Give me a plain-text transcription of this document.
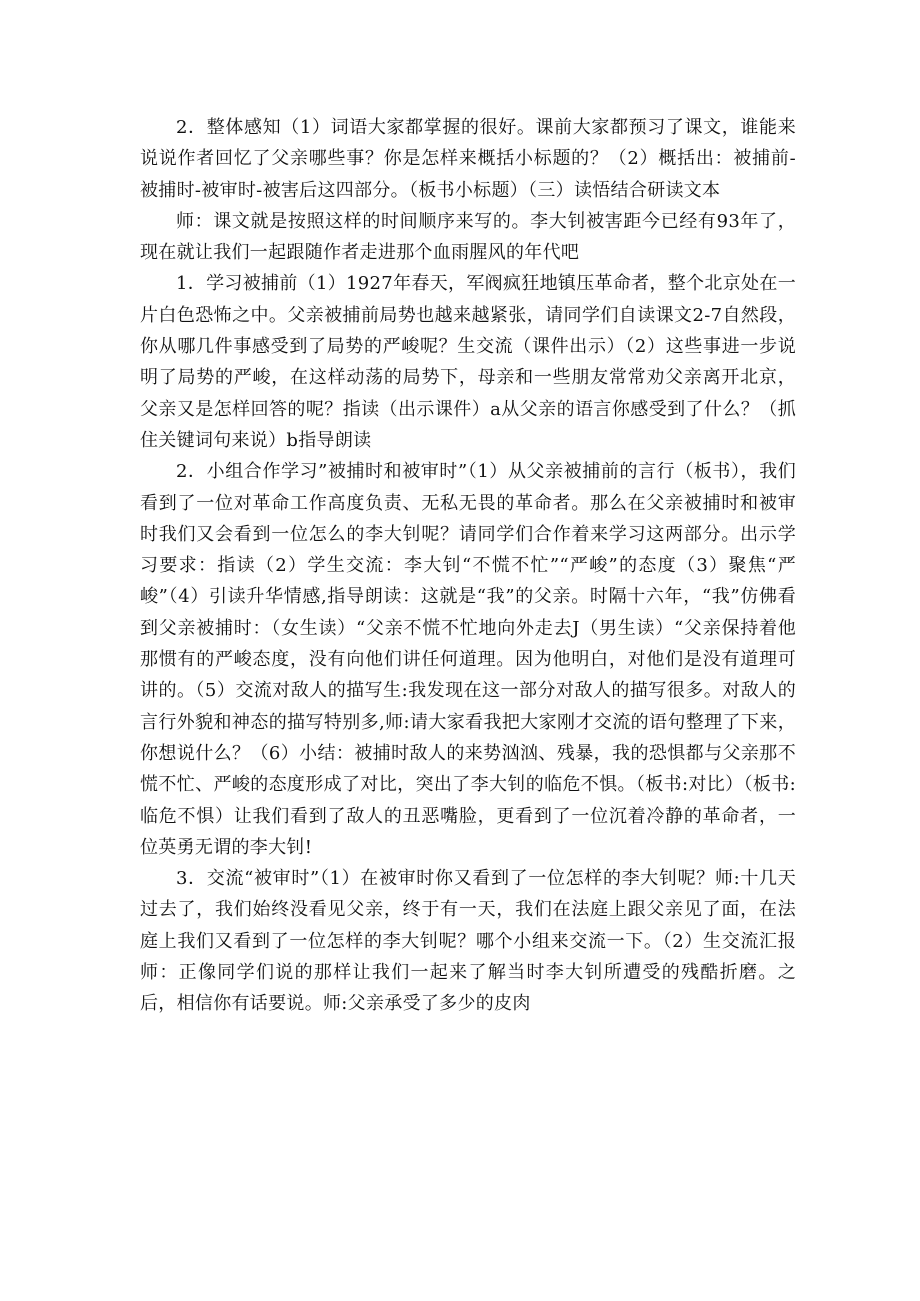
2．整体感知（1）词语大家都掌握的很好。课前大家都预习了课文，谁能来说说作者回忆了父亲哪些事？你是怎样来概括小标题的？（2）概括出：被捕前-被捕时-被审时-被害后这四部分。（板书小标题）（三）读悟结合研读文本

师：课文就是按照这样的时间顺序来写的。李大钊被害距今已经有93年了，现在就让我们一起跟随作者走进那个血雨腥风的年代吧

1．学习被捕前（1）1927年春天，军阀疯狂地镇压革命者，整个北京处在一片白色恐怖之中。父亲被捕前局势也越来越紧张，请同学们自读课文2-7自然段，你从哪几件事感受到了局势的严峻呢？生交流（课件出示）（2）这些事进一步说明了局势的严峻，在这样动荡的局势下，母亲和一些朋友常常劝父亲离开北京，父亲又是怎样回答的呢？指读（出示课件）a从父亲的语言你感受到了什么？（抓住关键词句来说）b指导朗读

2．小组合作学习”被捕时和被审时”（1）从父亲被捕前的言行（板书），我们看到了一位对革命工作高度负责、无私无畏的革命者。那么在父亲被捕时和被审时我们又会看到一位怎么的李大钊呢？请同学们合作着来学习这两部分。出示学习要求：指读（2）学生交流：李大钊“不慌不忙”“严峻”的态度（3）聚焦“严峻”（4）引读升华情感,指导朗读：这就是“我”的父亲。时隔十六年，“我”仿佛看到父亲被捕时：（女生读）“父亲不慌不忙地向外走去J（男生读）“父亲保持着他那惯有的严峻态度，没有向他们讲任何道理。因为他明白，对他们是没有道理可讲的。（5）交流对敌人的描写生:我发现在这一部分对敌人的描写很多。对敌人的言行外貌和神态的描写特别多,师:请大家看我把大家刚才交流的语句整理了下来，你想说什么？（6）小结：被捕时敌人的来势汹汹、残暴，我的恐惧都与父亲那不慌不忙、严峻的态度形成了对比，突出了李大钊的临危不惧。（板书:对比）（板书:临危不惧）让我们看到了敌人的丑恶嘴脸，更看到了一位沉着冷静的革命者，一位英勇无谓的李大钊!

3．交流“被审时”（1）在被审时你又看到了一位怎样的李大钊呢？师:十几天过去了，我们始终没看见父亲，终于有一天，我们在法庭上跟父亲见了面，在法庭上我们又看到了一位怎样的李大钊呢？哪个小组来交流一下。（2）生交流汇报师：正像同学们说的那样让我们一起来了解当时李大钊所遭受的残酷折磨。之后，相信你有话要说。师:父亲承受了多少的皮肉
